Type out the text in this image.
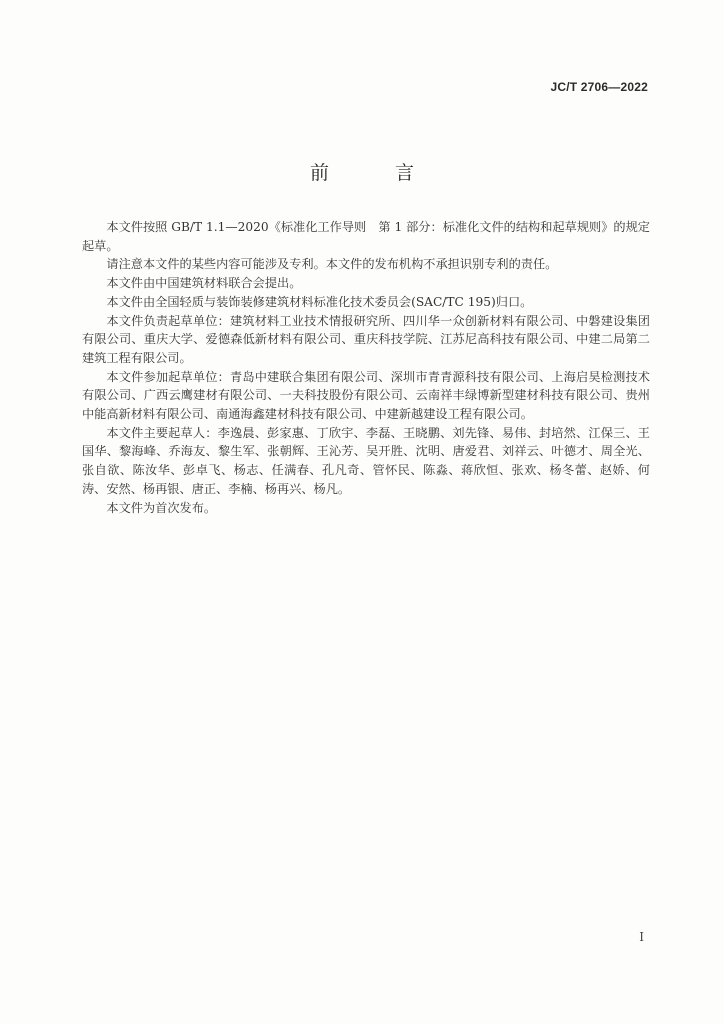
JC/T 2706—2022
前 言

本文件按照 GB/T 1.1—2020《标准化工作导则　第 1 部分：标准化文件的结构和起草规则》的规定起草。

请注意本文件的某些内容可能涉及专利。本文件的发布机构不承担识别专利的责任。

本文件由中国建筑材料联合会提出。

本文件由全国轻质与装饰装修建筑材料标准化技术委员会(SAC/TC 195)归口。

本文件负责起草单位：建筑材料工业技术情报研究所、四川华一众创新材料有限公司、中磐建设集团有限公司、重庆大学、爱德森低新材料有限公司、重庆科技学院、江苏尼高科技有限公司、中建二局第二建筑工程有限公司。

本文件参加起草单位：青岛中建联合集团有限公司、深圳市青青源科技有限公司、上海启昊检测技术有限公司、广西云鹰建材有限公司、一夫科技股份有限公司、云南祥丰绿博新型建材科技有限公司、贵州中能高新材料有限公司、南通海鑫建材科技有限公司、中建新越建设工程有限公司。

本文件主要起草人：李逸晨、彭家惠、丁欣宇、李磊、王晓鹏、刘先锋、易伟、封培然、江保三、王国华、黎海峰、乔海友、黎生军、张朝辉、王沁芳、吴开胜、沈明、唐爱君、刘祥云、叶德才、周全光、张自欲、陈汝华、彭卓飞、杨志、任满春、孔凡奇、管怀民、陈淼、蒋欣恒、张欢、杨冬蕾、赵娇、何涛、安然、杨再银、唐正、李楠、杨再兴、杨凡。

本文件为首次发布。

I
